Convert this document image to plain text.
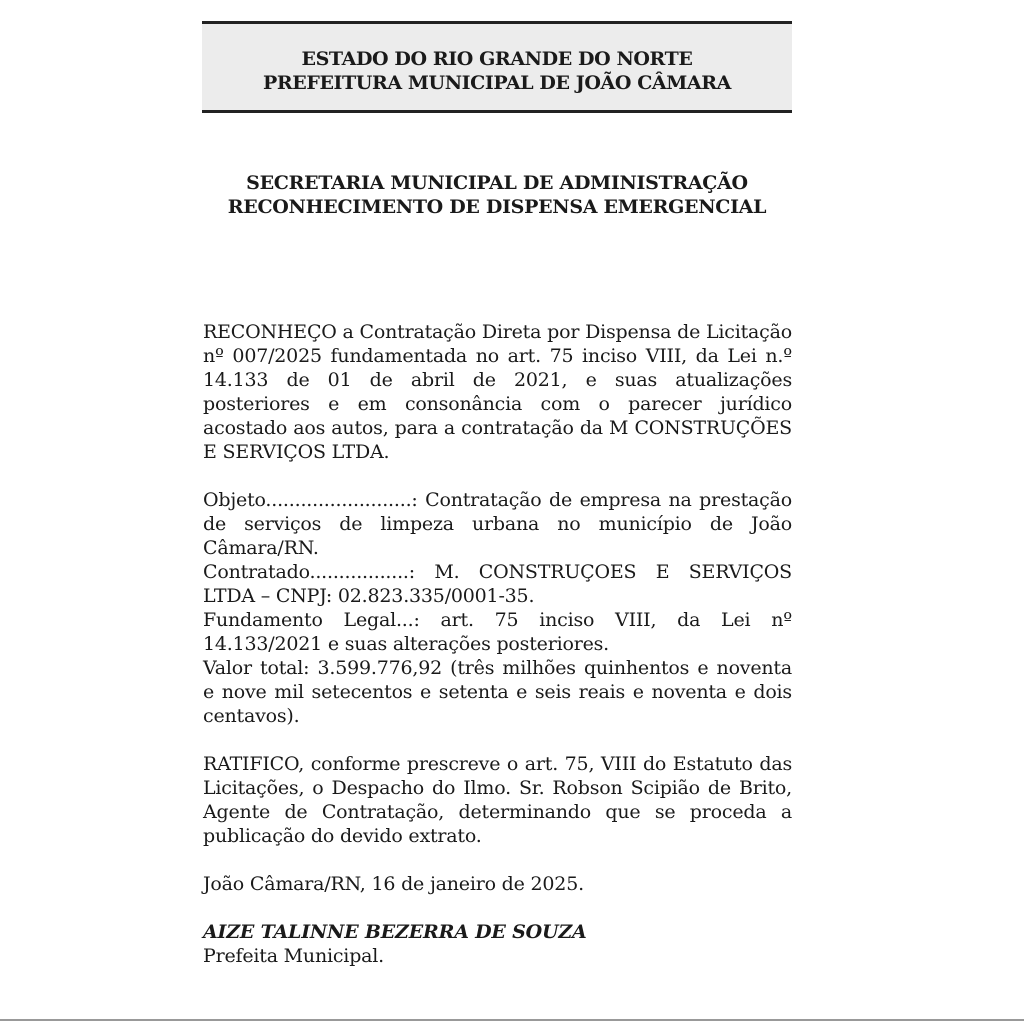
ESTADO DO RIO GRANDE DO NORTE
PREFEITURA MUNICIPAL DE JOÃO CÂMARA
SECRETARIA MUNICIPAL DE ADMINISTRAÇÃO
RECONHECIMENTO DE DISPENSA EMERGENCIAL

RECONHEÇO a Contratação Direta por Dispensa de Licitação nº 007/2025 fundamentada no art. 75 inciso VIII, da Lei n.º 14.133 de 01 de abril de 2021, e suas atualizações posteriores e em consonância com o parecer jurídico acostado aos autos, para a contratação da M CONSTRUÇÕES E SERVIÇOS LTDA.

Objeto.........................: Contratação de empresa na prestação de serviços de limpeza urbana no município de João Câmara/RN.

Contratado.................: M. CONSTRUÇOES E SERVIÇOS LTDA – CNPJ: 02.823.335/0001-35.

Fundamento Legal...: art. 75 inciso VIII, da Lei nº 14.133/2021 e suas alterações posteriores.

Valor total: 3.599.776,92 (três milhões quinhentos e noventa e nove mil setecentos e setenta e seis reais e noventa e dois centavos).

RATIFICO, conforme prescreve o art. 75, VIII do Estatuto das Licitações, o Despacho do Ilmo. Sr. Robson Scipião de Brito, Agente de Contratação, determinando que se proceda a publicação do devido extrato.

João Câmara/RN, 16 de janeiro de 2025.

AIZE TALINNE BEZERRA DE SOUZA

Prefeita Municipal.
